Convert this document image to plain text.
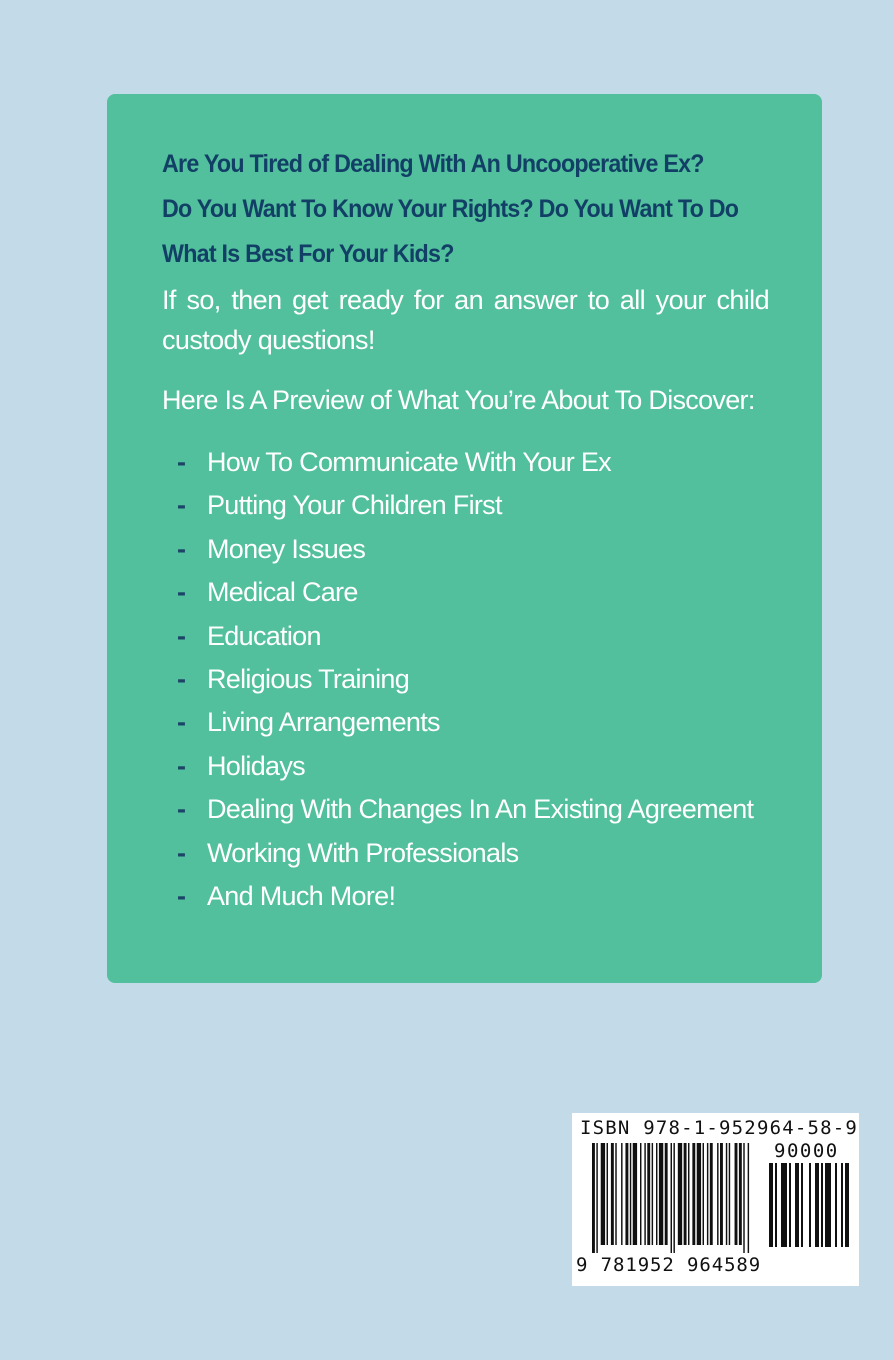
Are You Tired of Dealing With An Uncooperative Ex?
Do You Want To Know Your Rights? Do You Want To Do
What Is Best For Your Kids?

If so, then get ready for an answer to all your child
custody questions!

Here Is A Preview of What You’re About To Discover:

- How To Communicate With Your Ex
- Putting Your Children First
- Money Issues
- Medical Care
- Education
- Religious Training
- Living Arrangements
- Holidays
- Dealing With Changes In An Existing Agreement
- Working With Professionals
- And Much More!
ISBN 978-1-952964-58-9
90000
9 781952 964589
